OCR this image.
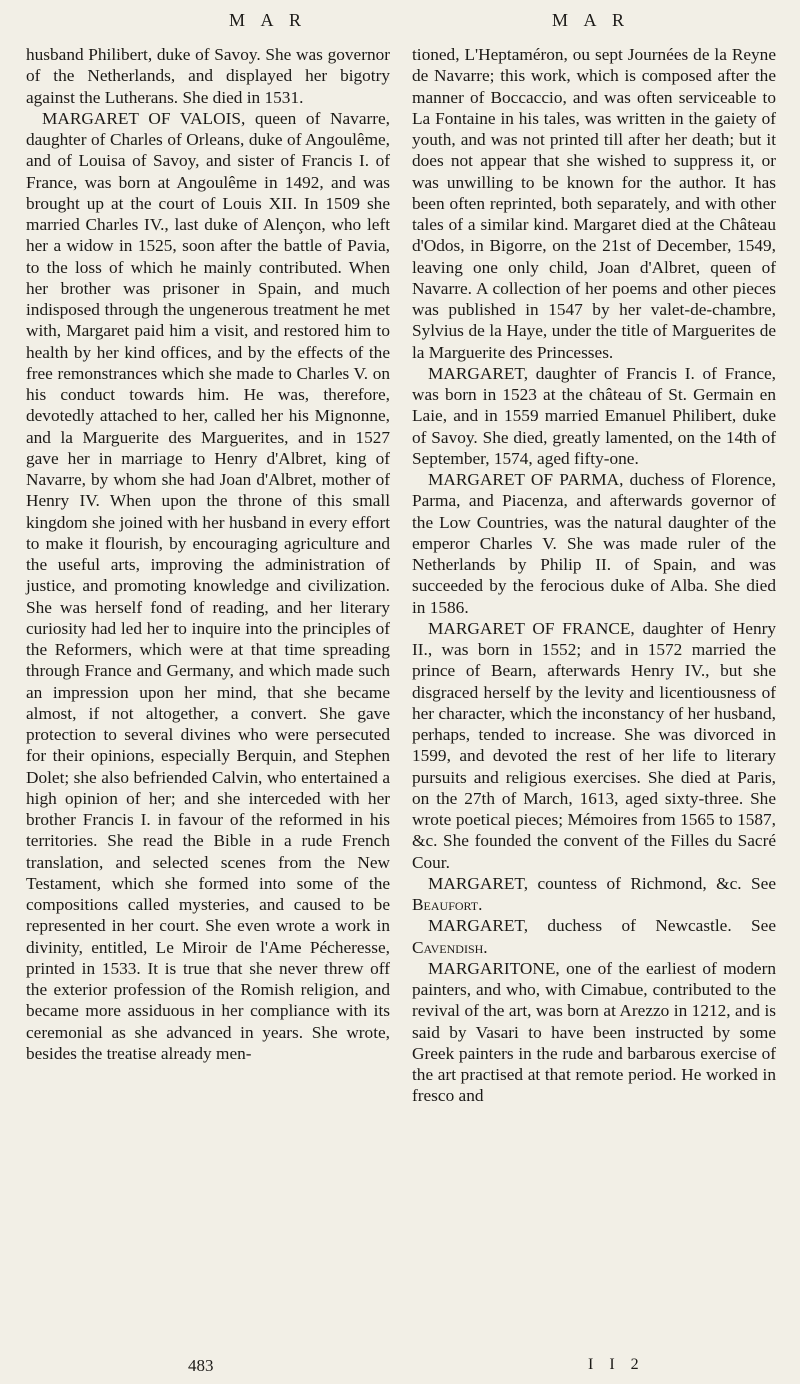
M A R	M A R

husband Philibert, duke of Savoy. She was governor of the Netherlands, and displayed her bigotry against the Lutherans. She died in 1531.

MARGARET OF VALOIS, queen of Navarre, daughter of Charles of Orleans, duke of Angoulême, and of Louisa of Savoy, and sister of Francis I. of France, was born at Angoulême in 1492, and was brought up at the court of Louis XII. In 1509 she married Charles IV., last duke of Alençon, who left her a widow in 1525, soon after the battle of Pavia, to the loss of which he mainly contributed. When her brother was prisoner in Spain, and much indisposed through the ungenerous treatment he met with, Margaret paid him a visit, and restored him to health by her kind offices, and by the effects of the free remonstrances which she made to Charles V. on his conduct towards him. He was, therefore, devotedly attached to her, called her his Mignonne, and la Marguerite des Marguerites, and in 1527 gave her in marriage to Henry d'Albret, king of Navarre, by whom she had Joan d'Albret, mother of Henry IV. When upon the throne of this small kingdom she joined with her husband in every effort to make it flourish, by encouraging agriculture and the useful arts, improving the administration of justice, and promoting knowledge and civilization. She was herself fond of reading, and her literary curiosity had led her to inquire into the principles of the Reformers, which were at that time spreading through France and Germany, and which made such an impression upon her mind, that she became almost, if not altogether, a convert. She gave protection to several divines who were persecuted for their opinions, especially Berquin, and Stephen Dolet; she also befriended Calvin, who entertained a high opinion of her; and she interceded with her brother Francis I. in favour of the reformed in his territories. She read the Bible in a rude French translation, and selected scenes from the New Testament, which she formed into some of the compositions called mysteries, and caused to be represented in her court. She even wrote a work in divinity, entitled, Le Miroir de l'Ame Pécheresse, printed in 1533. It is true that she never threw off the exterior profession of the Romish religion, and became more assiduous in her compliance with its ceremonial as she advanced in years. She wrote, besides the treatise already men-

tioned, L'Heptaméron, ou sept Journées de la Reyne de Navarre; this work, which is composed after the manner of Boccaccio, and was often serviceable to La Fontaine in his tales, was written in the gaiety of youth, and was not printed till after her death; but it does not appear that she wished to suppress it, or was unwilling to be known for the author. It has been often reprinted, both separately, and with other tales of a similar kind. Margaret died at the Château d'Odos, in Bigorre, on the 21st of December, 1549, leaving one only child, Joan d'Albret, queen of Navarre. A collection of her poems and other pieces was published in 1547 by her valet-de-chambre, Sylvius de la Haye, under the title of Marguerites de la Marguerite des Princesses.

MARGARET, daughter of Francis I. of France, was born in 1523 at the château of St. Germain en Laie, and in 1559 married Emanuel Philibert, duke of Savoy. She died, greatly lamented, on the 14th of September, 1574, aged fifty-one.

MARGARET OF PARMA, duchess of Florence, Parma, and Piacenza, and afterwards governor of the Low Countries, was the natural daughter of the emperor Charles V. She was made ruler of the Netherlands by Philip II. of Spain, and was succeeded by the ferocious duke of Alba. She died in 1586.

MARGARET OF FRANCE, daughter of Henry II., was born in 1552; and in 1572 married the prince of Bearn, afterwards Henry IV., but she disgraced herself by the levity and licentiousness of her character, which the inconstancy of her husband, perhaps, tended to increase. She was divorced in 1599, and devoted the rest of her life to literary pursuits and religious exercises. She died at Paris, on the 27th of March, 1613, aged sixty-three. She wrote poetical pieces; Mémoires from 1565 to 1587, &c. She founded the convent of the Filles du Sacré Cour.

MARGARET, countess of Richmond, &c. See Beaufort.

MARGARET, duchess of Newcastle. See Cavendish.

MARGARITONE, one of the earliest of modern painters, and who, with Cimabue, contributed to the revival of the art, was born at Arezzo in 1212, and is said by Vasari to have been instructed by some Greek painters in the rude and barbarous exercise of the art practised at that remote period. He worked in fresco and

483	I I 2
